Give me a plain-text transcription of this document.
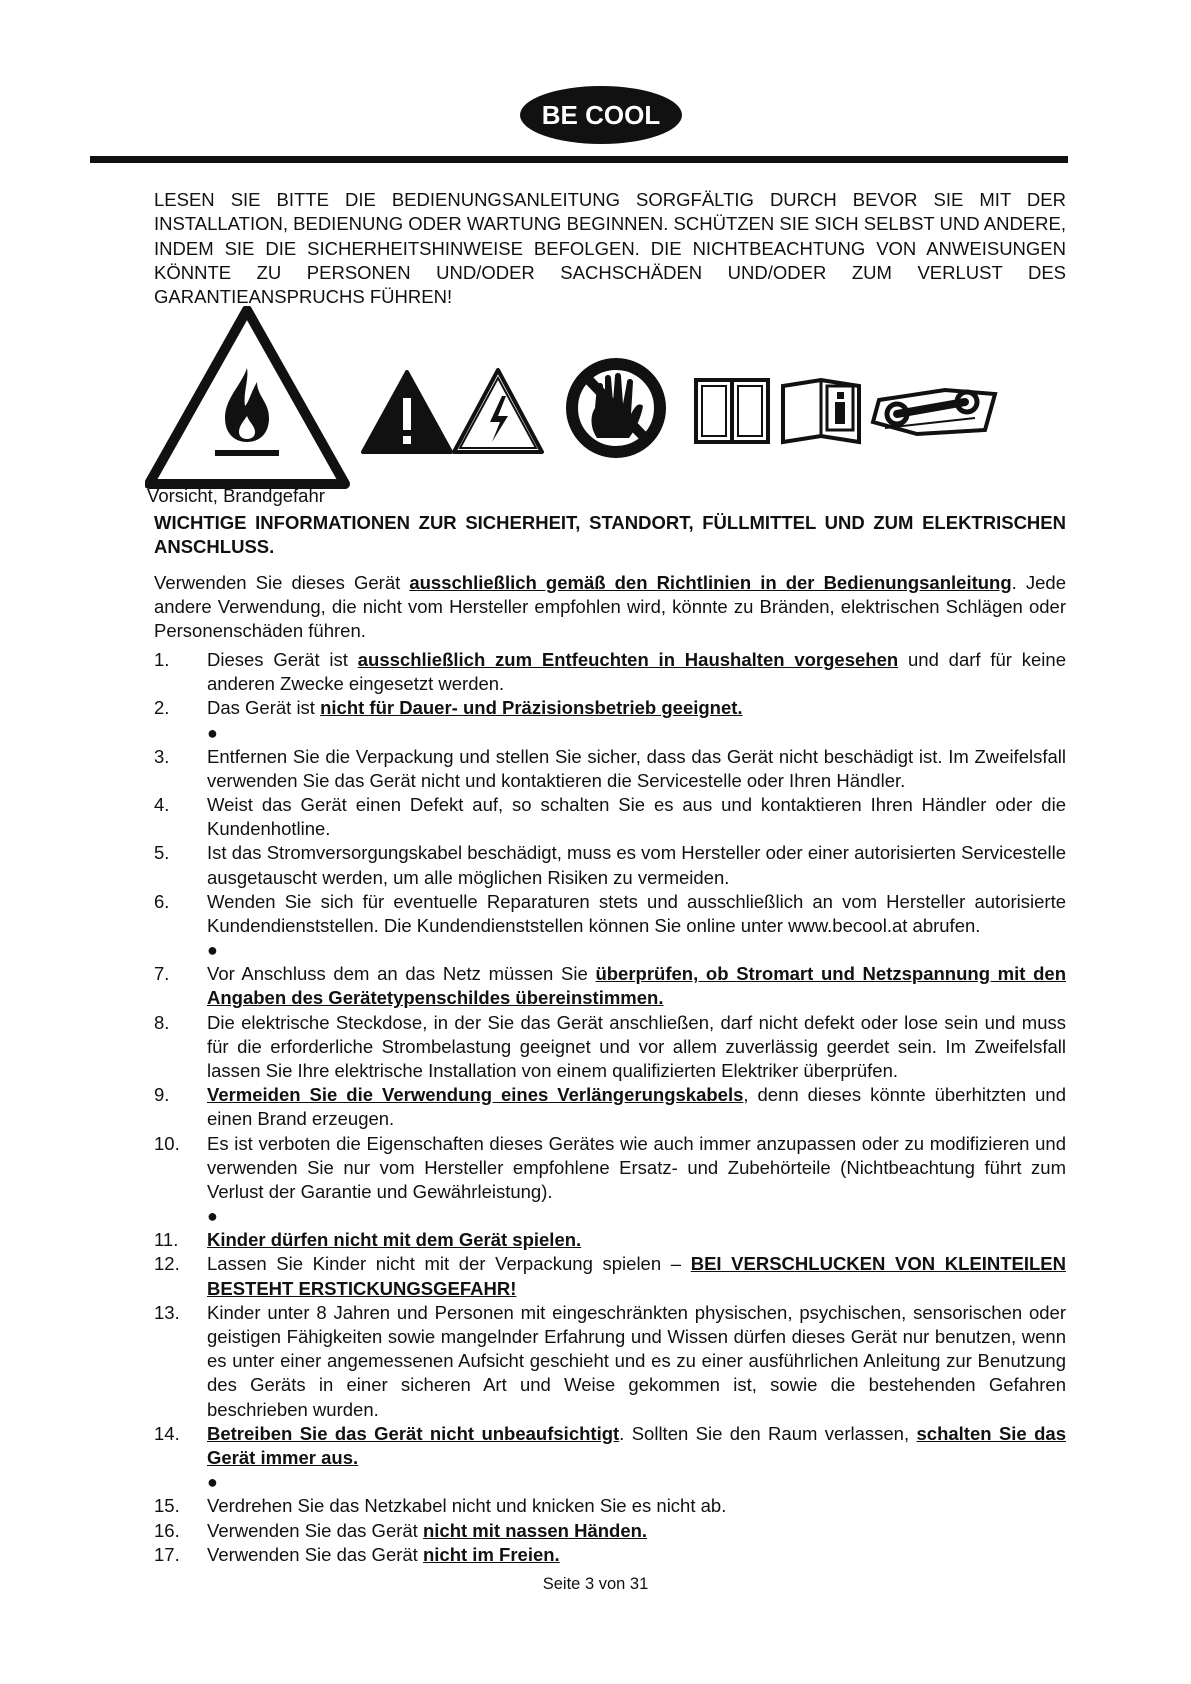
BE COOL
LESEN SIE BITTE DIE BEDIENUNGSANLEITUNG SORGFÄLTIG DURCH BEVOR SIE MIT DER INSTALLATION, BEDIENUNG ODER WARTUNG BEGINNEN. SCHÜTZEN SIE SICH SELBST UND ANDERE, INDEM SIE DIE SICHERHEITSHINWEISE BEFOLGEN. DIE NICHTBEACHTUNG VON ANWEISUNGEN KÖNNTE ZU PERSONEN UND/ODER SACHSCHÄDEN UND/ODER ZUM VERLUST DES GARANTIEANSPRUCHS FÜHREN!
Vorsicht, Brandgefahr
WICHTIGE INFORMATIONEN ZUR SICHERHEIT, STANDORT, FÜLLMITTEL UND ZUM ELEKTRISCHEN ANSCHLUSS.
Verwenden Sie dieses Gerät ausschließlich gemäß den Richtlinien in der Bedienungsanleitung. Jede andere Verwendung, die nicht vom Hersteller empfohlen wird, könnte zu Bränden, elektrischen Schlägen oder Personenschäden führen.
1. Dieses Gerät ist ausschließlich zum Entfeuchten in Haushalten vorgesehen und darf für keine anderen Zwecke eingesetzt werden.
2. Das Gerät ist nicht für Dauer- und Präzisionsbetrieb geeignet.
●
3. Entfernen Sie die Verpackung und stellen Sie sicher, dass das Gerät nicht beschädigt ist. Im Zweifelsfall verwenden Sie das Gerät nicht und kontaktieren die Servicestelle oder Ihren Händler.
4. Weist das Gerät einen Defekt auf, so schalten Sie es aus und kontaktieren Ihren Händler oder die Kundenhotline.
5. Ist das Stromversorgungskabel beschädigt, muss es vom Hersteller oder einer autorisierten Servicestelle ausgetauscht werden, um alle möglichen Risiken zu vermeiden.
6. Wenden Sie sich für eventuelle Reparaturen stets und ausschließlich an vom Hersteller autorisierte Kundendienststellen. Die Kundendienststellen können Sie online unter www.becool.at abrufen.
●
7. Vor Anschluss dem an das Netz müssen Sie überprüfen, ob Stromart und Netzspannung mit den Angaben des Gerätetypenschildes übereinstimmen.
8. Die elektrische Steckdose, in der Sie das Gerät anschließen, darf nicht defekt oder lose sein und muss für die erforderliche Strombelastung geeignet und vor allem zuverlässig geerdet sein. Im Zweifelsfall lassen Sie Ihre elektrische Installation von einem qualifizierten Elektriker überprüfen.
9. Vermeiden Sie die Verwendung eines Verlängerungskabels, denn dieses könnte überhitzten und einen Brand erzeugen.
10. Es ist verboten die Eigenschaften dieses Gerätes wie auch immer anzupassen oder zu modifizieren und verwenden Sie nur vom Hersteller empfohlene Ersatz- und Zubehörteile (Nichtbeachtung führt zum Verlust der Garantie und Gewährleistung).
●
11. Kinder dürfen nicht mit dem Gerät spielen.
12. Lassen Sie Kinder nicht mit der Verpackung spielen – BEI VERSCHLUCKEN VON KLEINTEILEN BESTEHT ERSTICKUNGSGEFAHR!
13. Kinder unter 8 Jahren und Personen mit eingeschränkten physischen, psychischen, sensorischen oder geistigen Fähigkeiten sowie mangelnder Erfahrung und Wissen dürfen dieses Gerät nur benutzen, wenn es unter einer angemessenen Aufsicht geschieht und es zu einer ausführlichen Anleitung zur Benutzung des Geräts in einer sicheren Art und Weise gekommen ist, sowie die bestehenden Gefahren beschrieben wurden.
14. Betreiben Sie das Gerät nicht unbeaufsichtigt. Sollten Sie den Raum verlassen, schalten Sie das Gerät immer aus.
●
15. Verdrehen Sie das Netzkabel nicht und knicken Sie es nicht ab.
16. Verwenden Sie das Gerät nicht mit nassen Händen.
17. Verwenden Sie das Gerät nicht im Freien.
Seite 3 von 31
